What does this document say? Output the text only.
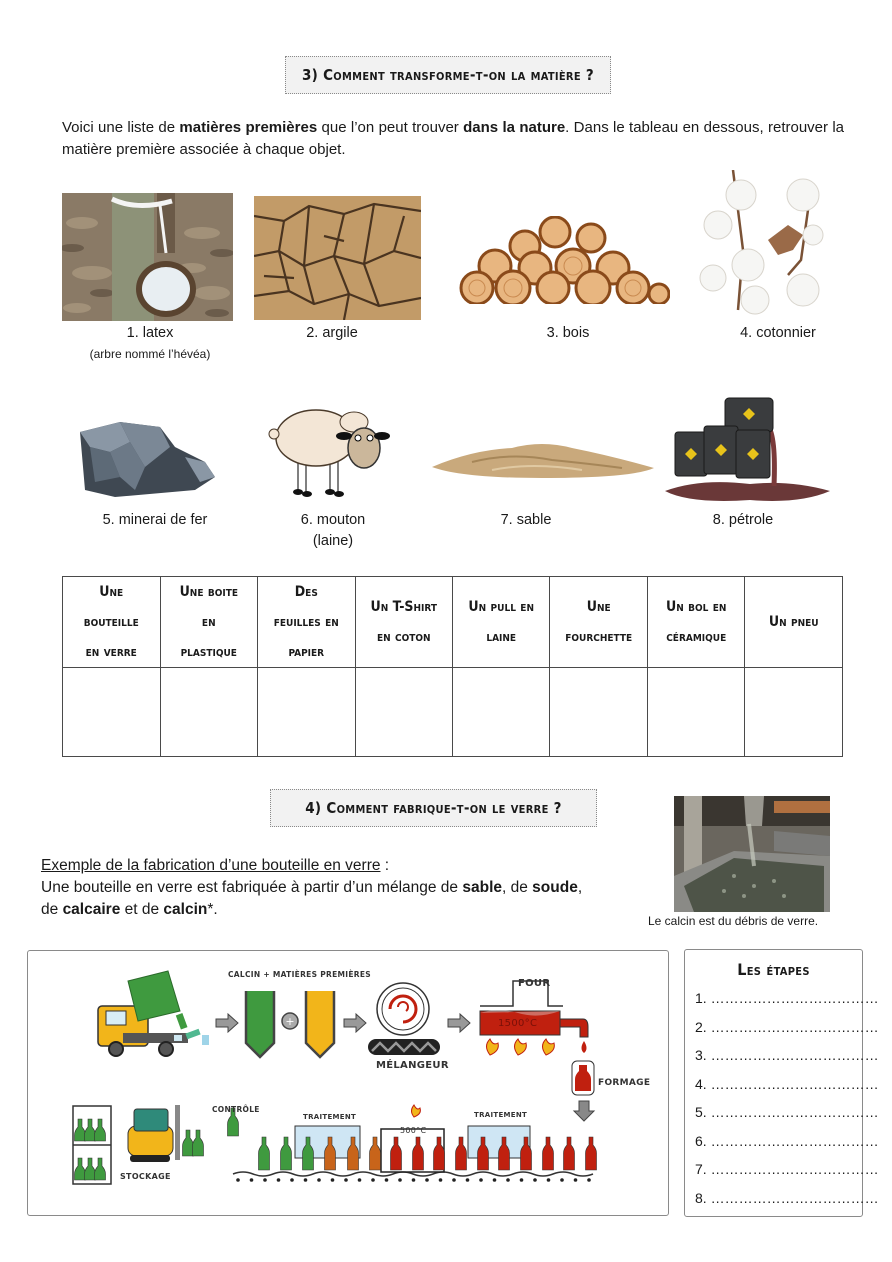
3) Comment transforme-t-on la matière ?

Voici une liste de matières premières que l’on peut trouver dans la nature. Dans le tableau en dessous, retrouver la matière première associée à chaque objet.

1. latex
(arbre nommé l’hévéa)
2. argile	3. bois	4. cotonnier
5. minerai de fer	6. mouton
(laine)
7. sable	8. pétrole
Une
bouteille
en verre	Une boite
en
plastique	Des
feuilles en
papier	Un T-Shirt
en coton	Un pull en
laine	Une
fourchette	Un bol en
céramique	Un pneu

4) Comment fabrique-t-on le verre ?
Le calcin est du débris de verre.
Exemple de la fabrication d’une bouteille en verre :
Une bouteille en verre est fabriquée à partir d’un mélange de sable, de soude,
de calcaire et de calcin*.
+
CALCIN + MATIÈRES PREMIÈRES
MÉLANGEUR
FOUR
1500°C
FORMAGE
TRAITEMENT	TRAITEMENT
500°C
CONTRÔLE
STOCKAGE
Les étapes
1. ………………………………
2. ………………………………
3. ………………………………
4. ………………………………
5. ………………………………
6. ………………………………
7. ………………………………
8. ………………………………
